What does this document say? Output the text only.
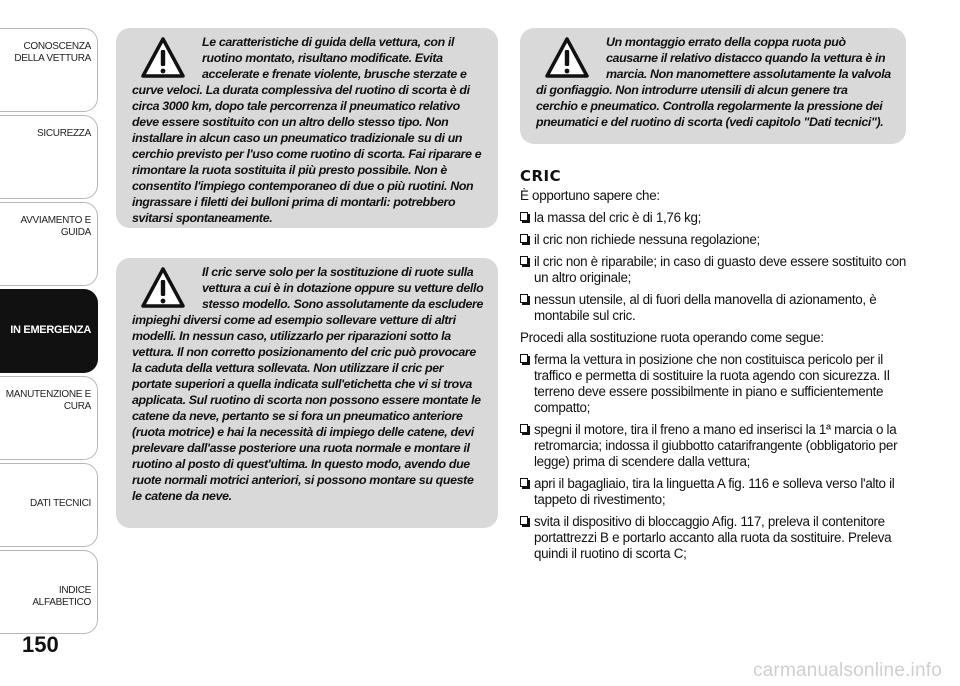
CONOSCENZA DELLA VETTURA
SICUREZZA
AVVIAMENTO E GUIDA
IN EMERGENZA
MANUTENZIONE E CURA
DATI TECNICI
INDICE ALFABETICO
150

Le caratteristiche di guida della vettura, con il ruotino montato, risultano modificate. Evita accelerate e frenate violente, brusche sterzate e curve veloci. La durata complessiva del ruotino di scorta è di circa 3000 km, dopo tale percorrenza il pneumatico relativo deve essere sostituito con un altro dello stesso tipo. Non installare in alcun caso un pneumatico tradizionale su di un cerchio previsto per l'uso come ruotino di scorta. Fai riparare e rimontare la ruota sostituita il più presto possibile. Non è consentito l'impiego contemporaneo di due o più ruotini. Non ingrassare i filetti dei bulloni prima di montarli: potrebbero svitarsi spontaneamente.

Il cric serve solo per la sostituzione di ruote sulla vettura a cui è in dotazione oppure su vetture dello stesso modello. Sono assolutamente da escludere impieghi diversi come ad esempio sollevare vetture di altri modelli. In nessun caso, utilizzarlo per riparazioni sotto la vettura. Il non corretto posizionamento del cric può provocare la caduta della vettura sollevata. Non utilizzare il cric per portate superiori a quella indicata sull'etichetta che vi si trova applicata. Sul ruotino di scorta non possono essere montate le catene da neve, pertanto se si fora un pneumatico anteriore (ruota motrice) e hai la necessità di impiego delle catene, devi prelevare dall'asse posteriore una ruota normale e montare il ruotino al posto di quest'ultima. In questo modo, avendo due ruote normali motrici anteriori, si possono montare su queste le catene da neve.

Un montaggio errato della coppa ruota può causarne il relativo distacco quando la vettura è in marcia. Non manomettere assolutamente la valvola di gonfiaggio. Non introdurre utensili di alcun genere tra cerchio e pneumatico. Controlla regolarmente la pressione dei pneumatici e del ruotino di scorta (vedi capitolo "Dati tecnici").

CRIC

È opportuno sapere che:

la massa del cric è di 1,76 kg;
il cric non richiede nessuna regolazione;
il cric non è riparabile; in caso di guasto deve essere sostituito con un altro originale;
nessun utensile, al di fuori della manovella di azionamento, è montabile sul cric.

Procedi alla sostituzione ruota operando come segue:

ferma la vettura in posizione che non costituisca pericolo per il traffico e permetta di sostituire la ruota agendo con sicurezza. Il terreno deve essere possibilmente in piano e sufficientemente compatto;
spegni il motore, tira il freno a mano ed inserisci la 1ª marcia o la retromarcia; indossa il giubbotto catarifrangente (obbligatorio per legge) prima di scendere dalla vettura;
apri il bagagliaio, tira la linguetta A fig. 116 e solleva verso l'alto il tappeto di rivestimento;
svita il dispositivo di bloccaggio Afig. 117, preleva il contenitore portattrezzi B e portarlo accanto alla ruota da sostituire. Preleva quindi il ruotino di scorta C;
carmanualsonline.info
